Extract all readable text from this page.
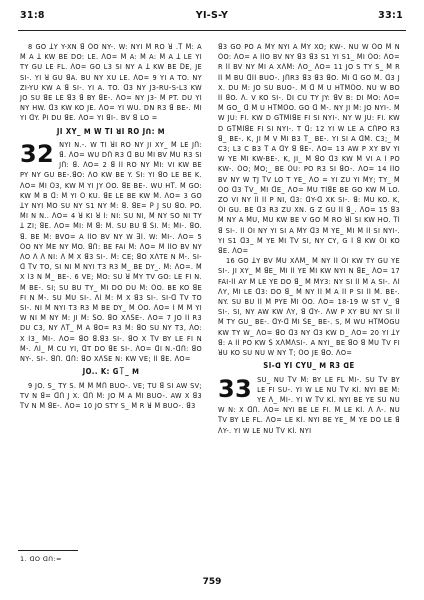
31:8	YI-S-Y	33:1

8 GO ꓕY Y-XN ꓭ ꓳO NY-. W: NYI ꓟ RO ꓤ .ꓔ ꓟ: A ꓟ A ꓕ KW BE DO: LE. ꓥO= ꓟ A: ꓟ A: ꓟ A ꓕ LE YI TY GU LE FL. ꓥO= GO L3 SI NY A ꓕ KW BE ꓓE, JE SI-. YI ꓤ GU ꓭA. BU NY XU LE. ꓥO= 9 YI A TO. NY ZI-YU KW A ꓭ SI-. YI A. TO. ꓷ3 NY J3-RU-S-L3 KW JO SU ꓭE LE ꓭ3 ꓭ BY ꓭE-. ꓥO= NY J3- ꓟ PT. DU YI NY HW. ꓷ3 KW KO JE. ꓥO= YI WU. DN R3 ꓭ BE-. ꓟI YI ꓷY. ꓑI DU ꓭE. ꓥO= YI ꓭI-. BV ꓭ LO =

JI XY_ ꓟ W TI ꓤI RO Jꓵ: ꓟ
32 NYI N.-. W TI ꓤI RO NY JI XY_ ꓟ LE Jꓵ: ꓭ. ꓥO= WU Dꓵ R3 ꓷ BU ꓟI BV ꓟU R3 SI Jꓵ: ꓭ. ꓥO= 2 ꓭ ꓲꓲ RO NY ꓟI: VI KW BE PY NY GU BE-.ꓭO: ꓥO KW BE Y. ꓢI: YI ꓭO LE BE K. ꓥO= ꓟI ꓳ3, KW ꓟ YI JY ꓳO. ꓭE BE-. WU Hꓔ. ꓟ GO: KW ꓟ B ꓷ: ꓟ YI ꓳ KU. ꓭE LE BE KW ꓟ. ꓥO= 3 GO ꓕY NYI ꓟO SU NY S1 NY ꓟ: ꓭ. ꓭE= ꓑ J SU ꓭO. PO. ꓟI N N.. ꓥO= 4 ꓤ KI ꓤ ꓲ: NI: SU NI, ꓟ NY SO NI TY ꓕ ZI; ꓭE. ꓥO= ꓟI: ꓟ ꓭ: ꓟ. SU BU ꓭ ꓢI. ꓟ: ꓟI-. ꓭO. ꓭ. BE ꓟ: BVO= A ꓲꓲO BV NY W ꓱꓲ. W: ꓟI-. ꓥO= 5 ꓳO NY ꓟE NY ꓟO. ꓭꓵ: BE FAI ꓟ: ꓥO= ꓟ ꓲꓲO BV NY ꓥO ꓥ ꓥ NI: ꓥ ꓟ X ꓭ3 SI-. ꓟ: CE; ꓭO XꓥTE N ꓟ-. SI-ꓷ ꓔV TO, SI NI ꓟ NYI T3 R3 ꓟ_ BE DY_. ꓟ: ꓥO=. ꓟ X ꓲ3 N ꓟ_ BE-. 6 VE; ꓟO: SU ꓤ ꓟY TV GO: LE FI N. ꓟ BE-. SI; SU BU TY_ ꓟI DO DU ꓟ: ꓳO. BE KO ꓭE FI N ꓟ-. SU ꓟU SI-. ꓥꓲ ꓟ: ꓟ X ꓭ3 SI-. SI-ꓷ ꓔV TO SI-. NI ꓟ NYI T3 R3 ꓟ BE DY_ ꓟ ꓳO. ꓥO= ꓲ ꓟ ꓟ YI W NI ꓟ NY ꓟ: JI ꓟ: ꓢO. ꓭO XꓥꓢE-. ꓥO= 7 JO ꓲꓲ R3 DU C3, NY ꓥꓔ_ ꓟ A ꓭO= R3 ꓟ: ꓭO SU NY T3, ꓥO: X ꓲ3_ ꓟI-. ꓥO= ꓭO ꓭ.ꓭ3 SI-. ꓭO X ꓔV BY LE FI N ꓟ-. ꓥꓲ_ ꓟ CU YI, ꓷT DO ꓭE SI-. ꓥO= ꓷI N.-ꓷꓵ: ꓭO NY-. SI-. ꓭꓵ. ꓷꓵ: ꓭO XꓥꓢE N: KW VE; ꓲꓲ ꓭE. ꓥO=

JO.. K: G꓄_ ꓟ

9 JO. S_ TY S. ꓟ ꓟ ꓟꓵ BUO-. VE; TU ꓭ SI AW SV; TV N ꓭ= ꓷꓵ J X. ꓷꓵ ꓟ: JO ꓟ A ꓟI BUO-. AW X ꓭ3 ꓔV N ꓟ ꓭE-. ꓥO= 10 JO STY S_ ꓟ R ꓤ ꓟ BUO-. ꓭ3

ꓭ3 GO PO A ꓟY NYI A ꓟY XO; KW-. NU W ꓳO ꓟ N ꓳO: ꓥO= A ꓲꓲO BV NY ꓭ3 ꓭ3 S1 YI S1_ ꓟI ꓳO: ꓥO= R ꓲꓲ BV NY ꓟI A Xꓥꓟ: ꓥO_ ꓥO= 11 JO S TY S_ ꓟ R ꓲꓲ ꓟ BU ꓷꓲꓲ BUO-. JꓵR3 ꓭ3 ꓭ3 ꓭO. ꓟI ꓷ GO ꓟ. ꓷ3 J X. DU ꓟ: JO SU BUO-. ꓟ ꓷ ꓟ U HꓔꓟꓳO. NU W BO ꓲꓲ ꓭO. ꓥ. V KO SI-. ꓓI CU TY JY: ꓭV B: DI ꓟO: ꓥO= ꓟ GO_ ꓷ ꓟ U HꓔꓟꓳO. GO ꓷ ꓟ-. NY JI ꓟ: JO NYI-. ꓟ W JU: FI. KW D GꓔꓟꓲꓭE FI SI NYI-. NY W JU: FI. KW D GꓔꓟꓲꓭE FI SI NYI-. T ꓷ: 12 YI W LE A CꓵPO R3 ꓭ_ BE-. K, JI ꓟ V ꓟI B3 ꓔ_ BE-. YI SI A ꓷꓟ. C3;_ ꓟ C3; L3 C B3 ꓔ A ꓷY ꓭ ꓭE-. ꓥO= 13 AW P XY BV YI W YE ꓟI KW-BE-. K, JI_ ꓟ ꓭO ꓷ3 KW ꓟ VI A ꓲ PO KW-. ꓳO; ꓟO;_ BE ꓳU: PO R3 SI ꓭO-. ꓥO= 14 ꓲꓲO BV NY W TJ ꓔV LO T YE_ ꓥO = YI ZU YI ꓟY; TY_ ꓟ ꓳO ꓷ3 ꓔV_ ꓟI ꓷE_ ꓥO= ꓟU TꓲꓭE BE GO KW ꓟ LO. ZO VI NY ꓲꓲ ꓲꓲ P NI, ꓷ3: ꓷY-ꓷ XK SI-. ꓭ: ꓟU KO. K, ꓳI GU. BE ꓷ3 R3 ZU XN. G Z GU ꓲꓲ ꓭ_. ꓥO= 15 ꓭ3 ꓟ NY A ꓟU, ꓟU KW BE V GO ꓟ RO ꓤꓲ SI KW HO. ꓔꓲ ꓭ SI-. ꓲꓲ ꓳI NY YI SI A ꓟY ꓷ3 ꓟ YE_ ꓟI ꓟ ꓲꓲ SI NYI-. YI S1 ꓷ3_ ꓟ YE ꓟI ꓔV SI, NY CY, G ꓲ ꓭ KW ꓳI KO ꓭE. ꓥO=

16 GO ꓕY BV ꓟU Xꓥꓟ_ ꓟ NY ꓲꓲ ꓳI KW TY GU YE SI-. JI XY_ ꓟ ꓭE_ ꓟI ꓲꓲ YE ꓟI KW NYI N ꓭE_ ꓥO= 17 FAI-ꓲꓲ AY ꓟ LE YE DO ꓭ_ ꓟ ꓟY3: NY SI ꓲꓲ ꓟ A SI-. ꓥꓲ ꓥY, ꓟI LE ꓷ3: DO ꓭ_ ꓟ NY ꓲꓲ ꓟ A ꓲꓲ P SI ꓲꓲ ꓟ. BE-. NY. SU BU ꓲꓲ ꓟ PYE ꓟI ꓳO. ꓥO= 18-19 W ST V_ ꓭ SI-. SI, NY AW KW ꓥY, ꓭ ꓷY-. ꓥW P XY BU NY SI ꓲꓲ ꓟ TY GU_ BE-. ꓷY-ꓷ ꓟI ꓢE_ BE-. S, ꓟ WU HꓔꓟꓳGU KW TY W_ ꓥO= ꓭO ꓷ3 NY ꓷ3 KW D_ ꓥO= 20 YI ꓕY ꓭ: A ꓲꓲ PO KW ꓢ XꓥꓟꓥSI-. A NYI_ BE ꓭO ꓭ ꓟU ꓔV FI ꓤU KO SU NU W NY ꓔ; ꓳO JE ꓭO. ꓥO=

SI-ꓷ YI CYU_ ꓟ R3 ꓷE
33 SU_ NU ꓔV ꓟ: BY LE FL ꓟI-. SU ꓔV BY LE FI SU-. YI W LE NU ꓔV Kꓲ. NYI BE ꓟ: YE ꓥ_ ꓟI-. YI W ꓔV Kꓲ. NYI BE YE SU NU W N: X ꓷꓵ. ꓥO= NYI BE LE FI. ꓟ LE Kꓲ. ꓥ ꓥ-. NU ꓔV BY LE FL. ꓥO= LE Kꓲ. NYI BE YE_ ꓟ YE DO LE ꓭ ꓥY-. YI W LE NU ꓔV Kꓲ. NYI

1. ꓷO ꓷꓵ:=
759
